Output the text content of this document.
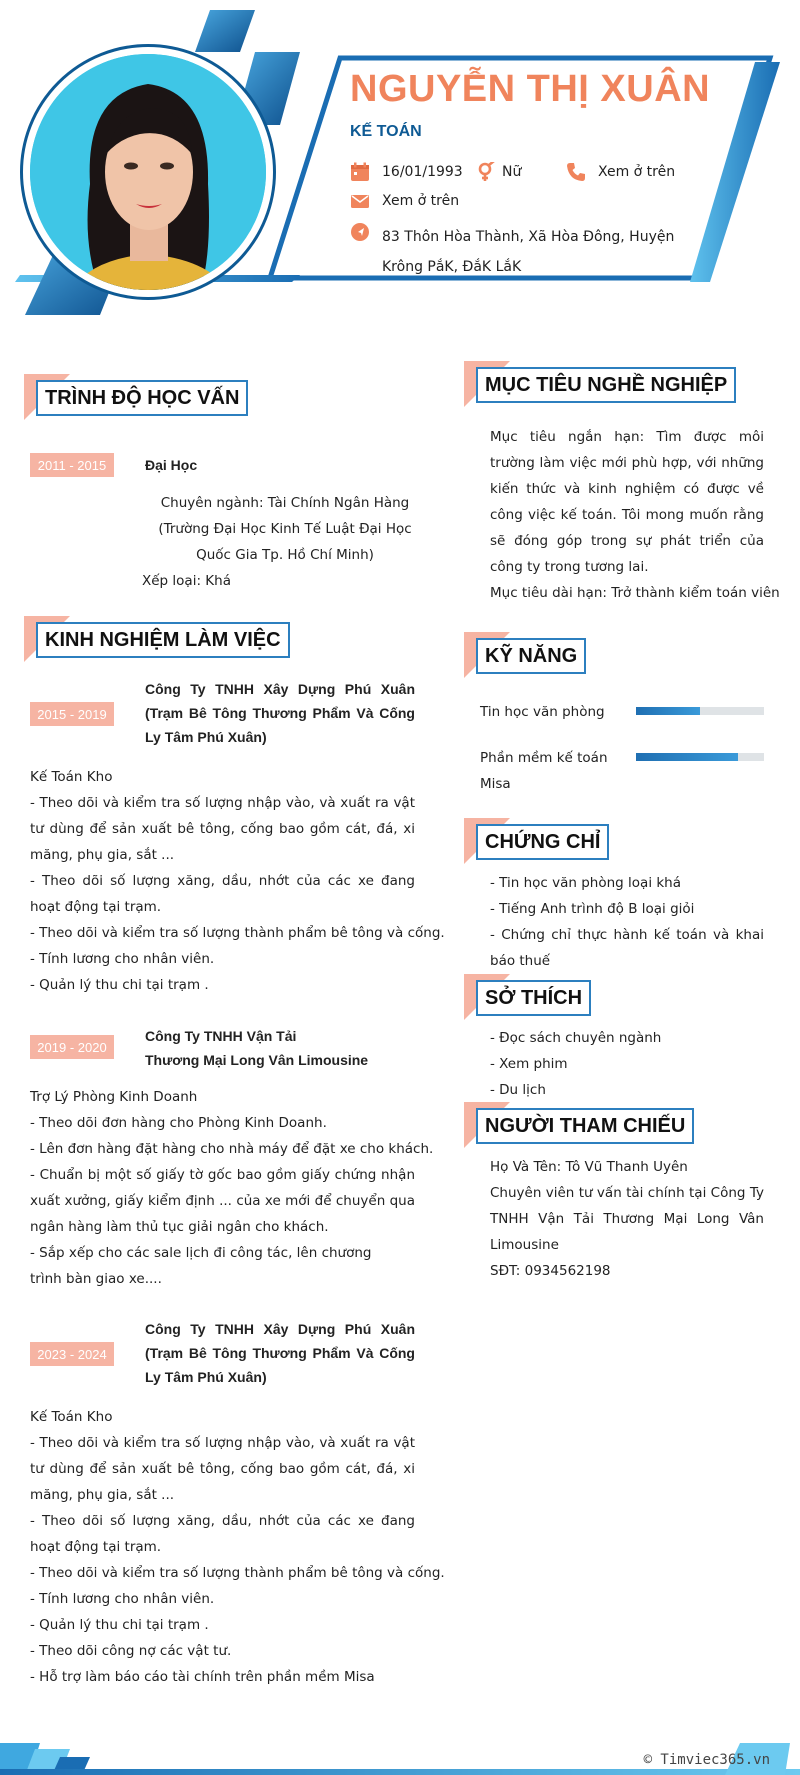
NGUYỄN THỊ XUÂN
KẾ TOÁN
16/01/1993	Nữ	Xem ở trên
Xem ở trên
83 Thôn Hòa Thành, Xã Hòa Đông, Huyện Krông PắK, ĐắK LắK
TRÌNH ĐỘ HỌC VẤN
2011 - 2015	Đại Học
Chuyên ngành: Tài Chính Ngân Hàng
(Trường Đại Học Kinh Tế Luật Đại Học Quốc Gia Tp. Hồ Chí Minh)
Xếp loại: Khá
KINH NGHIỆM LÀM VIỆC
2015 - 2019
Công Ty TNHH Xây Dựng Phú Xuân (Trạm Bê Tông Thương Phẩm Và Cống Ly Tâm Phú Xuân)
Kế Toán Kho
- Theo dõi và kiểm tra số lượng nhập vào, và xuất ra vật tư dùng để sản xuất bê tông, cống bao gồm cát, đá, xi măng, phụ gia, sắt ...
- Theo dõi số lượng xăng, dầu, nhớt của các xe đang hoạt động tại trạm.
- Theo dõi và kiểm tra số lượng thành phẩm bê tông và cống.
- Tính lương cho nhân viên.
- Quản lý thu chi tại trạm .
2019 - 2020
Công Ty TNHH Vận Tải
Thương Mại Long Vân Limousine
Trợ Lý Phòng Kinh Doanh
- Theo dõi đơn hàng cho Phòng Kinh Doanh.
- Lên đơn hàng đặt hàng cho nhà máy để đặt xe cho khách.
- Chuẩn bị một số giấy tờ gốc bao gồm giấy chứng nhận xuất xưởng, giấy kiểm định ... của xe mới để chuyển qua ngân hàng làm thủ tục giải ngân cho khách.
- Sắp xếp cho các sale lịch đi công tác, lên chương trình bàn giao xe....
2023 - 2024
Công Ty TNHH Xây Dựng Phú Xuân (Trạm Bê Tông Thương Phẩm Và Cống Ly Tâm Phú Xuân)
Kế Toán Kho
- Theo dõi và kiểm tra số lượng nhập vào, và xuất ra vật tư dùng để sản xuất bê tông, cống bao gồm cát, đá, xi măng, phụ gia, sắt ...
- Theo dõi số lượng xăng, dầu, nhớt của các xe đang hoạt động tại trạm.
- Theo dõi và kiểm tra số lượng thành phẩm bê tông và cống.
- Tính lương cho nhân viên.
- Quản lý thu chi tại trạm .
- Theo dõi công nợ các vật tư.
- Hỗ trợ làm báo cáo tài chính trên phần mềm Misa
MỤC TIÊU NGHỀ NGHIỆP
Mục tiêu ngắn hạn: Tìm được môi trường làm việc mới phù hợp, với những kiến thức và kinh nghiệm có được về công việc kế toán. Tôi mong muốn rằng sẽ đóng góp trong sự phát triển của công ty trong tương lai.
Mục tiêu dài hạn: Trở thành kiểm toán viên
KỸ NĂNG
Tin học văn phòng
Phần mềm kế toán Misa
CHỨNG CHỈ
- Tin học văn phòng loại khá
- Tiếng Anh trình độ B loại giỏi
- Chứng chỉ thực hành kế toán và khai báo thuế
SỞ THÍCH
- Đọc sách chuyên ngành
- Xem phim
- Du lịch
NGƯỜI THAM CHIẾU
Họ Và Tên: Tô Vũ Thanh Uyên
Chuyên viên tư vấn tài chính tại Công Ty TNHH Vận Tải Thương Mại Long Vân Limousine
SĐT: 0934562198
© Timviec365.vn
